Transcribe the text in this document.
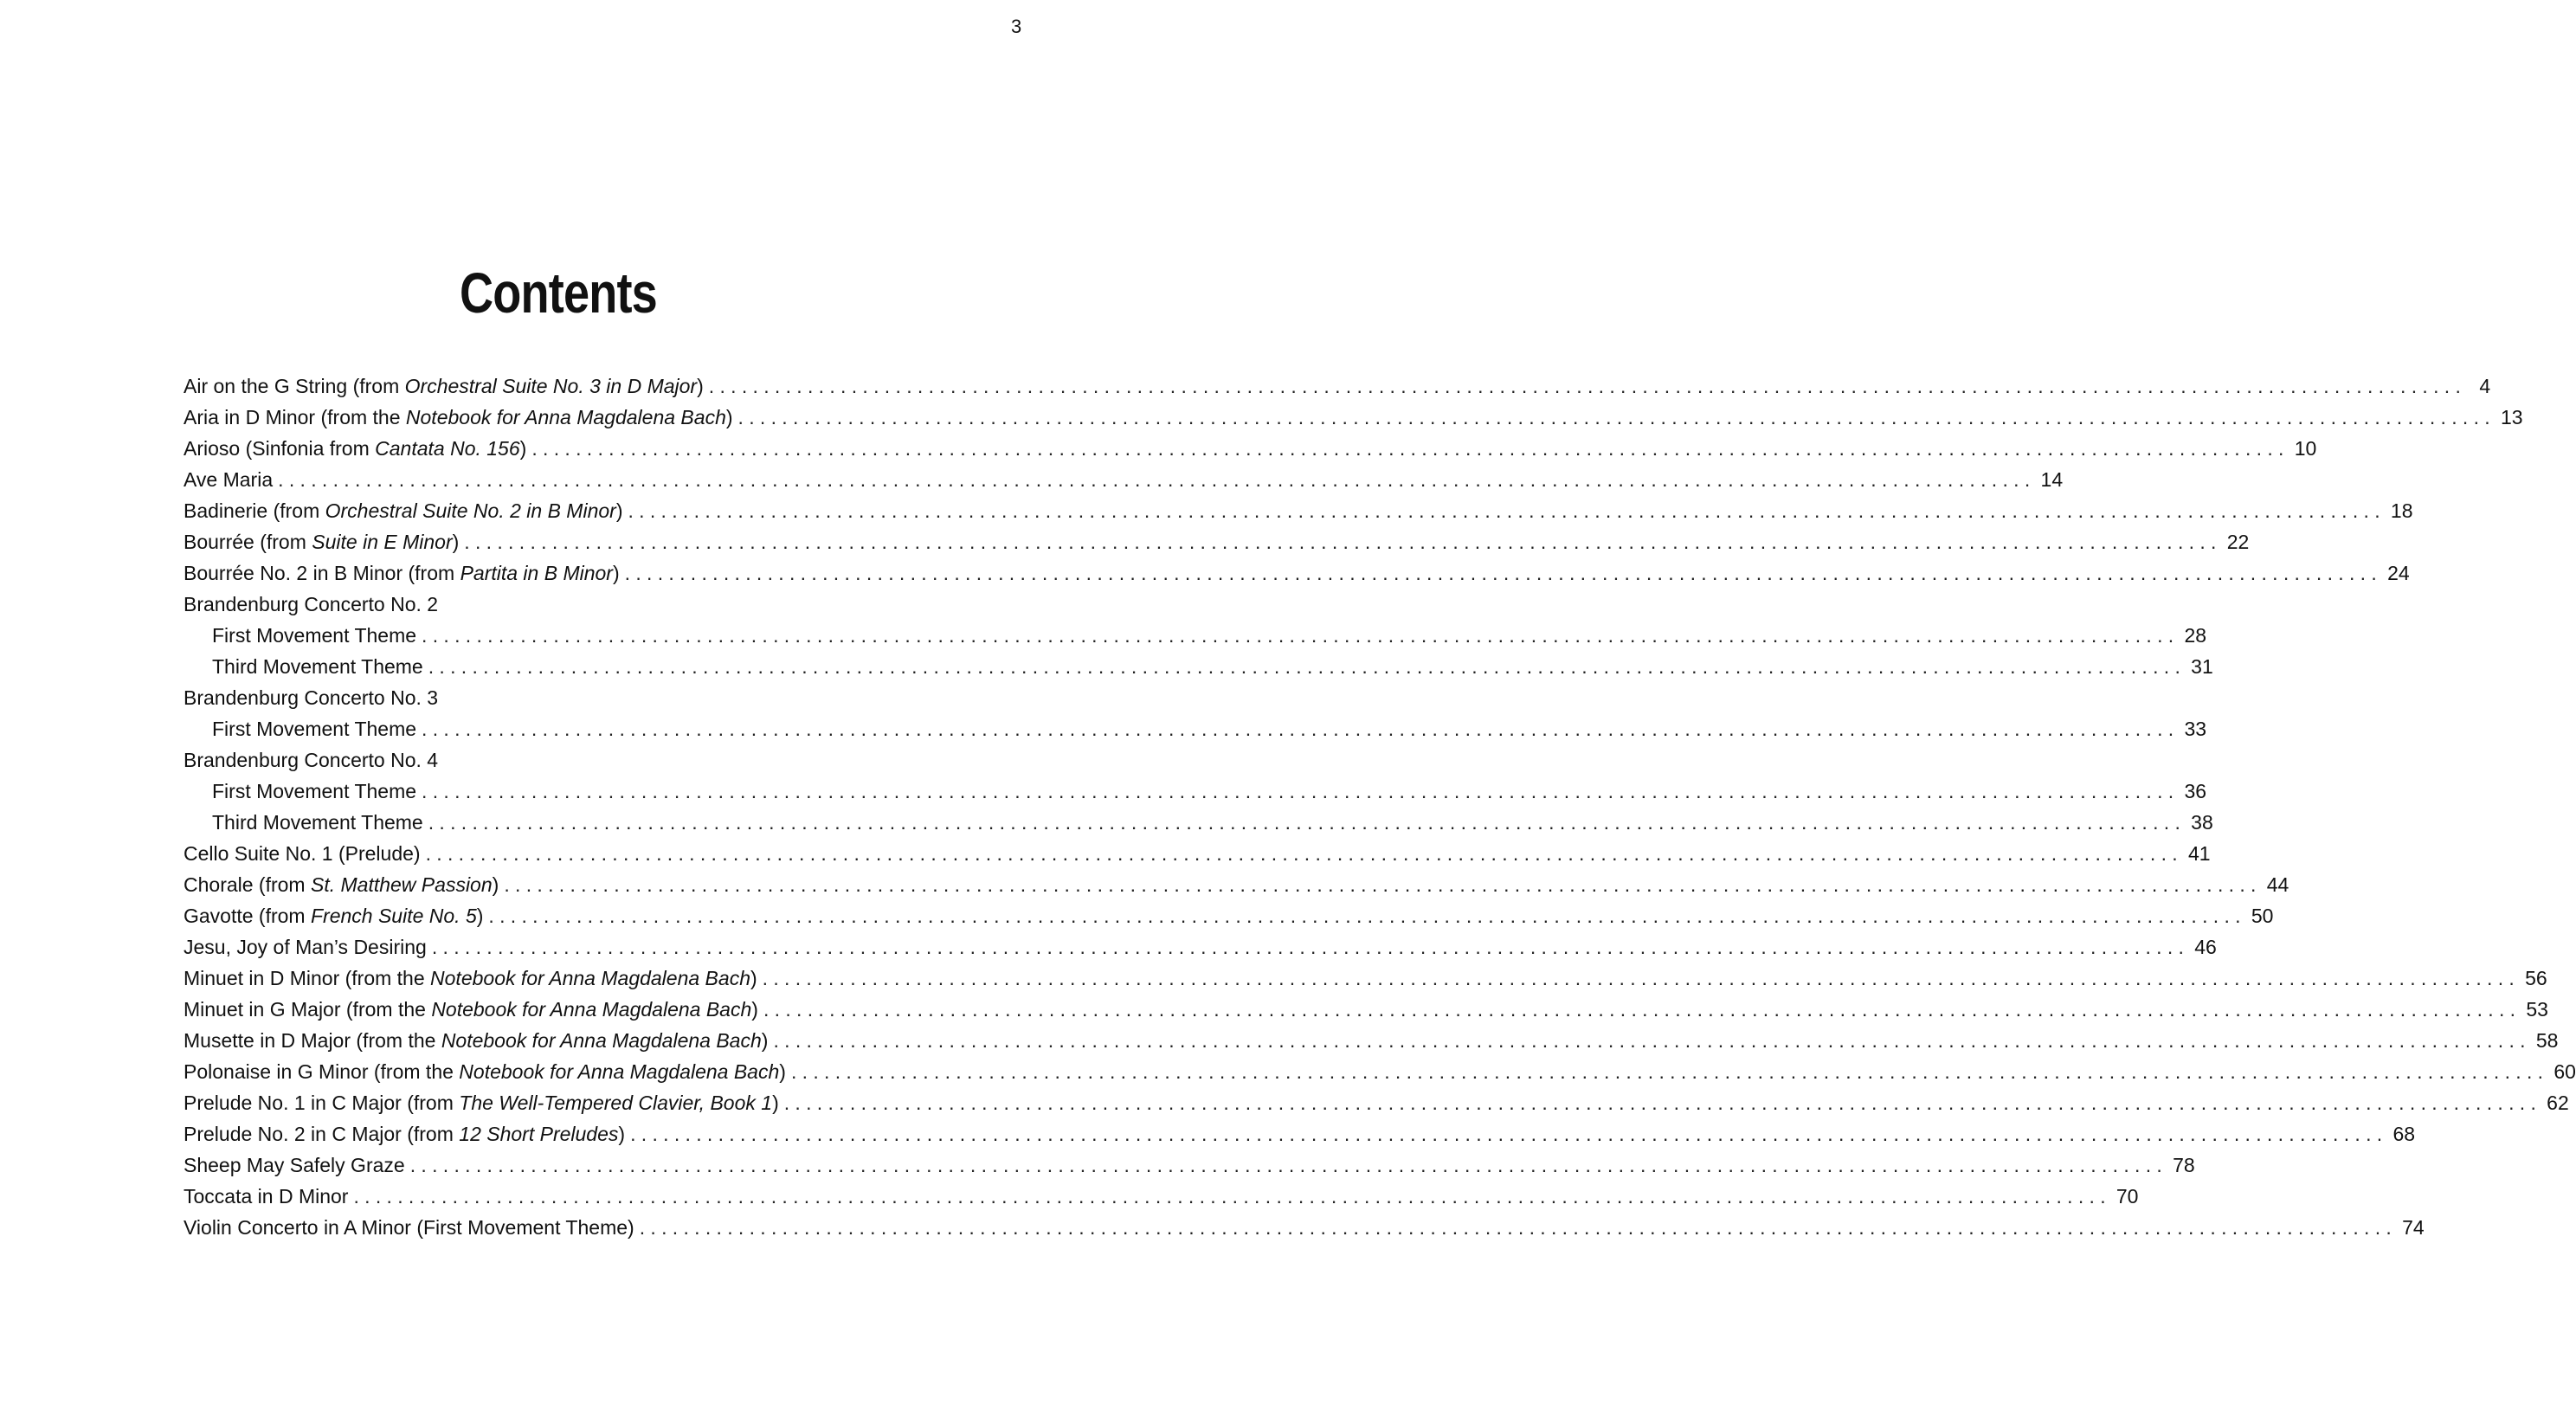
3
Contents
Air on the G String (from Orchestral Suite No. 3 in D Major) ................................................................................................................................................................ 4
Aria in D Minor (from the Notebook for Anna Magdalena Bach) ................................................................................................................................................................ 13
Arioso (Sinfonia from Cantata No. 156) ................................................................................................................................................................ 10
Ave Maria ................................................................................................................................................................ 14
Badinerie (from Orchestral Suite No. 2 in B Minor) ................................................................................................................................................................ 18
Bourrée (from Suite in E Minor) ................................................................................................................................................................ 22
Bourrée No. 2 in B Minor (from Partita in B Minor) ................................................................................................................................................................ 24
Brandenburg Concerto No. 2
First Movement Theme ................................................................................................................................................................ 28
Third Movement Theme ................................................................................................................................................................ 31
Brandenburg Concerto No. 3
First Movement Theme ................................................................................................................................................................ 33
Brandenburg Concerto No. 4
First Movement Theme ................................................................................................................................................................ 36
Third Movement Theme ................................................................................................................................................................ 38
Cello Suite No. 1 (Prelude) ................................................................................................................................................................ 41
Chorale (from St. Matthew Passion) ................................................................................................................................................................ 44
Gavotte (from French Suite No. 5) ................................................................................................................................................................ 50
Jesu, Joy of Man’s Desiring ................................................................................................................................................................ 46
Minuet in D Minor (from the Notebook for Anna Magdalena Bach) ................................................................................................................................................................ 56
Minuet in G Major (from the Notebook for Anna Magdalena Bach) ................................................................................................................................................................ 53
Musette in D Major (from the Notebook for Anna Magdalena Bach) ................................................................................................................................................................ 58
Polonaise in G Minor (from the Notebook for Anna Magdalena Bach) ................................................................................................................................................................ 60
Prelude No. 1 in C Major (from The Well-Tempered Clavier, Book 1) ................................................................................................................................................................ 62
Prelude No. 2 in C Major (from 12 Short Preludes) ................................................................................................................................................................ 68
Sheep May Safely Graze ................................................................................................................................................................ 78
Toccata in D Minor ................................................................................................................................................................ 70
Violin Concerto in A Minor (First Movement Theme) ................................................................................................................................................................ 74
